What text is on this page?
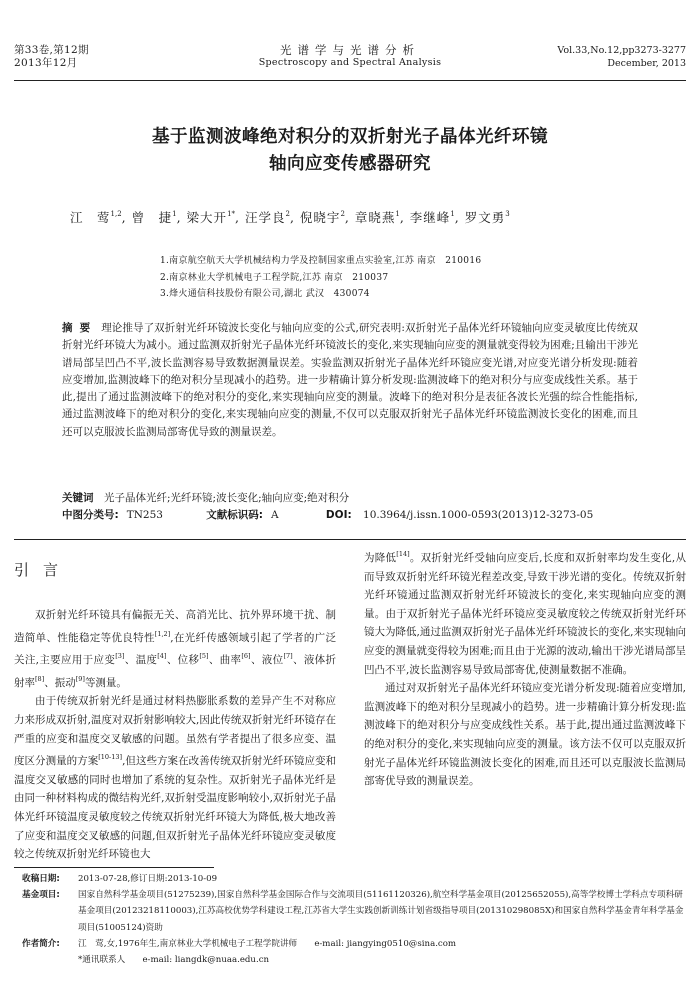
第33卷,第12期
2013年12月
光谱学与光谱分析
Spectroscopy and Spectral Analysis
Vol.33,No.12,pp3273-3277
December, 2013
基于监测波峰绝对积分的双折射光子晶体光纤环镜
轴向应变传感器研究
江　莺$^{1,2}$, 曾　捷$^1$, 梁大开$^{1*}$, 汪学良$^2$, 倪晓宇$^2$, 章晓燕$^1$, 李继峰$^1$, 罗文勇$^3$
1.南京航空航天大学机械结构力学及控制国家重点实验室,江苏 南京　210016
2.南京林业大学机械电子工程学院,江苏 南京　210037
3.烽火通信科技股份有限公司,湖北 武汉　430074
摘要 理论推导了双折射光纤环镜波长变化与轴向应变的公式,研究表明:双折射光子晶体光纤环镜轴向应变灵敏度比传统双折射光纤环镜大为减小。通过监测双折射光子晶体光纤环镜波长的变化,来实现轴向应变的测量就变得较为困难;且输出干涉光谱局部呈凹凸不平,波长监测容易导致数据测量误差。实验监测双折射光子晶体光纤环镜应变光谱,对应变光谱分析发现:随着应变增加,监测波峰下的绝对积分呈现减小的趋势。进一步精确计算分析发现:监测波峰下的绝对积分与应变成线性关系。基于此,提出了通过监测波峰下的绝对积分的变化,来实现轴向应变的测量。波峰下的绝对积分是表征各波长光强的综合性能指标,通过监测波峰下的绝对积分的变化,来实现轴向应变的测量,不仅可以克服双折射光子晶体光纤环镜监测波长变化的困难,而且还可以克服波长监测局部寄优导致的测量误差。
关键词　 光子晶体光纤;光纤环镜;波长变化;轴向应变;绝对积分
中图分类号: TN253	文献标识码: A	DOI: 10.3964/j.issn.1000-0593(2013)12-3273-05
引言

双折射光纤环镜具有偏振无关、高消光比、抗外界环境干扰、制造简单、性能稳定等优良特性[1,2],在光纤传感领域引起了学者的广泛关注,主要应用于应变[3]、温度[4]、位移[5]、曲率[6]、液位[7]、液体折射率[8]、振动[9]等测量。

由于传统双折射光纤是通过材料热膨胀系数的差异产生不对称应力来形成双折射,温度对双折射影响较大,因此传统双折射光纤环镜存在严重的应变和温度交叉敏感的问题。虽然有学者提出了很多应变、温度区分测量的方案[10-13],但这些方案在改善传统双折射光纤环镜应变和温度交叉敏感的同时也增加了系统的复杂性。双折射光子晶体光纤是由同一种材料构成的微结构光纤,双折射受温度影响较小,双折射光子晶体光纤环镜温度灵敏度较之传统双折射光纤环镜大为降低,极大地改善了应变和温度交叉敏感的问题,但双折射光子晶体光纤环镜应变灵敏度较之传统双折射光纤环镜也大

为降低[14]。双折射光纤受轴向应变后,长度和双折射率均发生变化,从而导致双折射光纤环镜光程差改变,导致干涉光谱的变化。传统双折射光纤环镜通过监测双折射光纤环镜波长的变化,来实现轴向应变的测量。由于双折射光子晶体光纤环镜应变灵敏度较之传统双折射光纤环镜大为降低,通过监测双折射光子晶体光纤环镜波长的变化,来实现轴向应变的测量就变得较为困难;而且由于光源的波动,输出干涉光谱局部呈凹凸不平,波长监测容易导致局部寄优,使测量数据不准确。

通过对双折射光子晶体光纤环镜应变光谱分析发现:随着应变增加,监测波峰下的绝对积分呈现减小的趋势。进一步精确计算分析发现:监测波峰下的绝对积分与应变成线性关系。基于此,提出通过监测波峰下的绝对积分的变化,来实现轴向应变的测量。该方法不仅可以克服双折射光子晶体光纤环镜监测波长变化的困难,而且还可以克服波长监测局部寄优导致的测量误差。

收稿日期: 2013-07-28,修订日期:2013-10-09
基金项目: 国家自然科学基金项目(51275239),国家自然科学基金国际合作与交流项目(51161120326),航空科学基金项目(20125652055),高等学校博士学科点专项科研基金项目(20123218110003),江苏高校优势学科建设工程,江苏省大学生实践创新训练计划省级指导项目(201310298085X)和国家自然科学基金青年科学基金项目(51005124)资助
作者简介: 江　莺,女,1976年生,南京林业大学机械电子工程学院讲师　　e-mail: jiangying0510@sina.com
*通讯联系人　　e-mail: liangdk@nuaa.edu.cn
